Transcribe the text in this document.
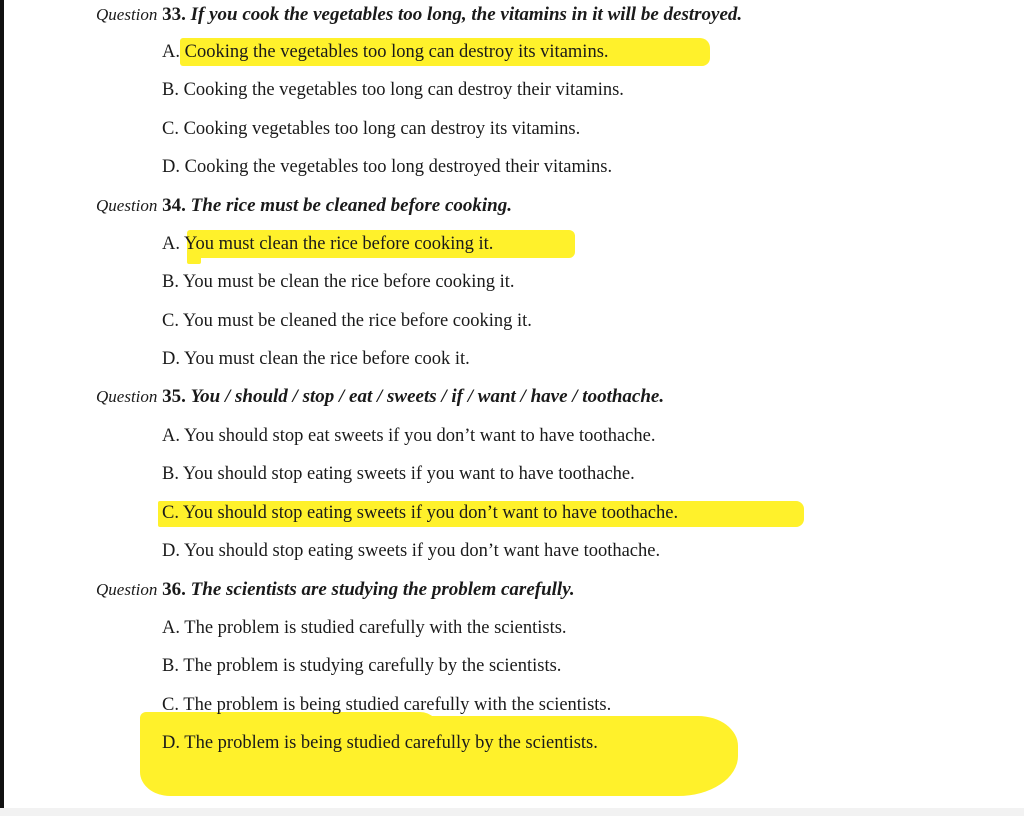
Question 33. If you cook the vegetables too long, the vitamins in it will be destroyed.
A. Cooking the vegetables too long can destroy its vitamins.
B. Cooking the vegetables too long can destroy their vitamins.
C. Cooking vegetables too long can destroy its vitamins.
D. Cooking the vegetables too long destroyed their vitamins.
Question 34. The rice must be cleaned before cooking.
A. You must clean the rice before cooking it.
B. You must be clean the rice before cooking it.
C. You must be cleaned the rice before cooking it.
D. You must clean the rice before cook it.
Question 35. You / should / stop / eat / sweets / if / want / have / toothache.
A. You should stop eat sweets if you don’t want to have toothache.
B. You should stop eating sweets if you want to have toothache.
C. You should stop eating sweets if you don’t want to have toothache.
D. You should stop eating sweets if you don’t want have toothache.
Question 36. The scientists are studying the problem carefully.
A. The problem is studied carefully with the scientists.
B. The problem is studying carefully by the scientists.
C. The problem is being studied carefully with the scientists.
D. The problem is being studied carefully by the scientists.
